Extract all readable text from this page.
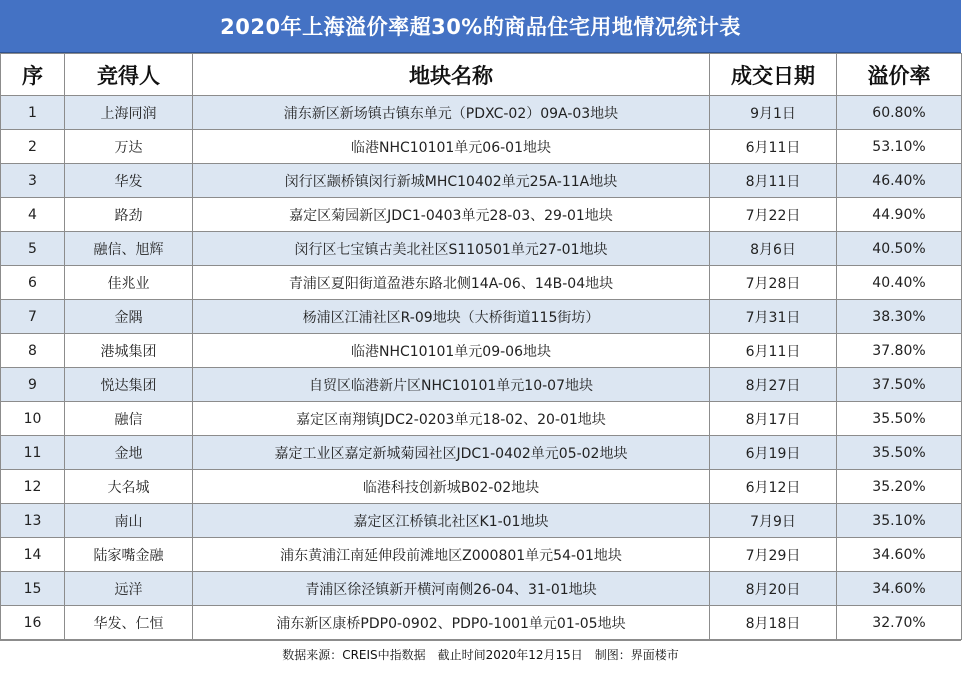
2020年上海溢价率超30%的商品住宅用地情况统计表
序	竞得人	地块名称	成交日期	溢价率
1	上海同润	浦东新区新场镇古镇东单元（PDXC-02）09A-03地块	9月1日	60.80%
2	万达	临港NHC10101单元06-01地块	6月11日	53.10%
3	华发	闵行区颛桥镇闵行新城MHC10402单元25A-11A地块	8月11日	46.40%
4	路劲	嘉定区菊园新区JDC1-0403单元28-03、29-01地块	7月22日	44.90%
5	融信、旭辉	闵行区七宝镇古美北社区S110501单元27-01地块	8月6日	40.50%
6	佳兆业	青浦区夏阳街道盈港东路北侧14A-06、14B-04地块	7月28日	40.40%
7	金隅	杨浦区江浦社区R-09地块（大桥街道115街坊）	7月31日	38.30%
8	港城集团	临港NHC10101单元09-06地块	6月11日	37.80%
9	悦达集团	自贸区临港新片区NHC10101单元10-07地块	8月27日	37.50%
10	融信	嘉定区南翔镇JDC2-0203单元18-02、20-01地块	8月17日	35.50%
11	金地	嘉定工业区嘉定新城菊园社区JDC1-0402单元05-02地块	6月19日	35.50%
12	大名城	临港科技创新城B02-02地块	6月12日	35.20%
13	南山	嘉定区江桥镇北社区K1-01地块	7月9日	35.10%
14	陆家嘴金融	浦东黄浦江南延伸段前滩地区Z000801单元54-01地块	7月29日	34.60%
15	远洋	青浦区徐泾镇新开横河南侧26-04、31-01地块	8月20日	34.60%
16	华发、仁恒	浦东新区康桥PDP0-0902、PDP0-1001单元01-05地块	8月18日	32.70%
数据来源：CREIS中指数据　截止时间2020年12月15日　制图：界面楼市
